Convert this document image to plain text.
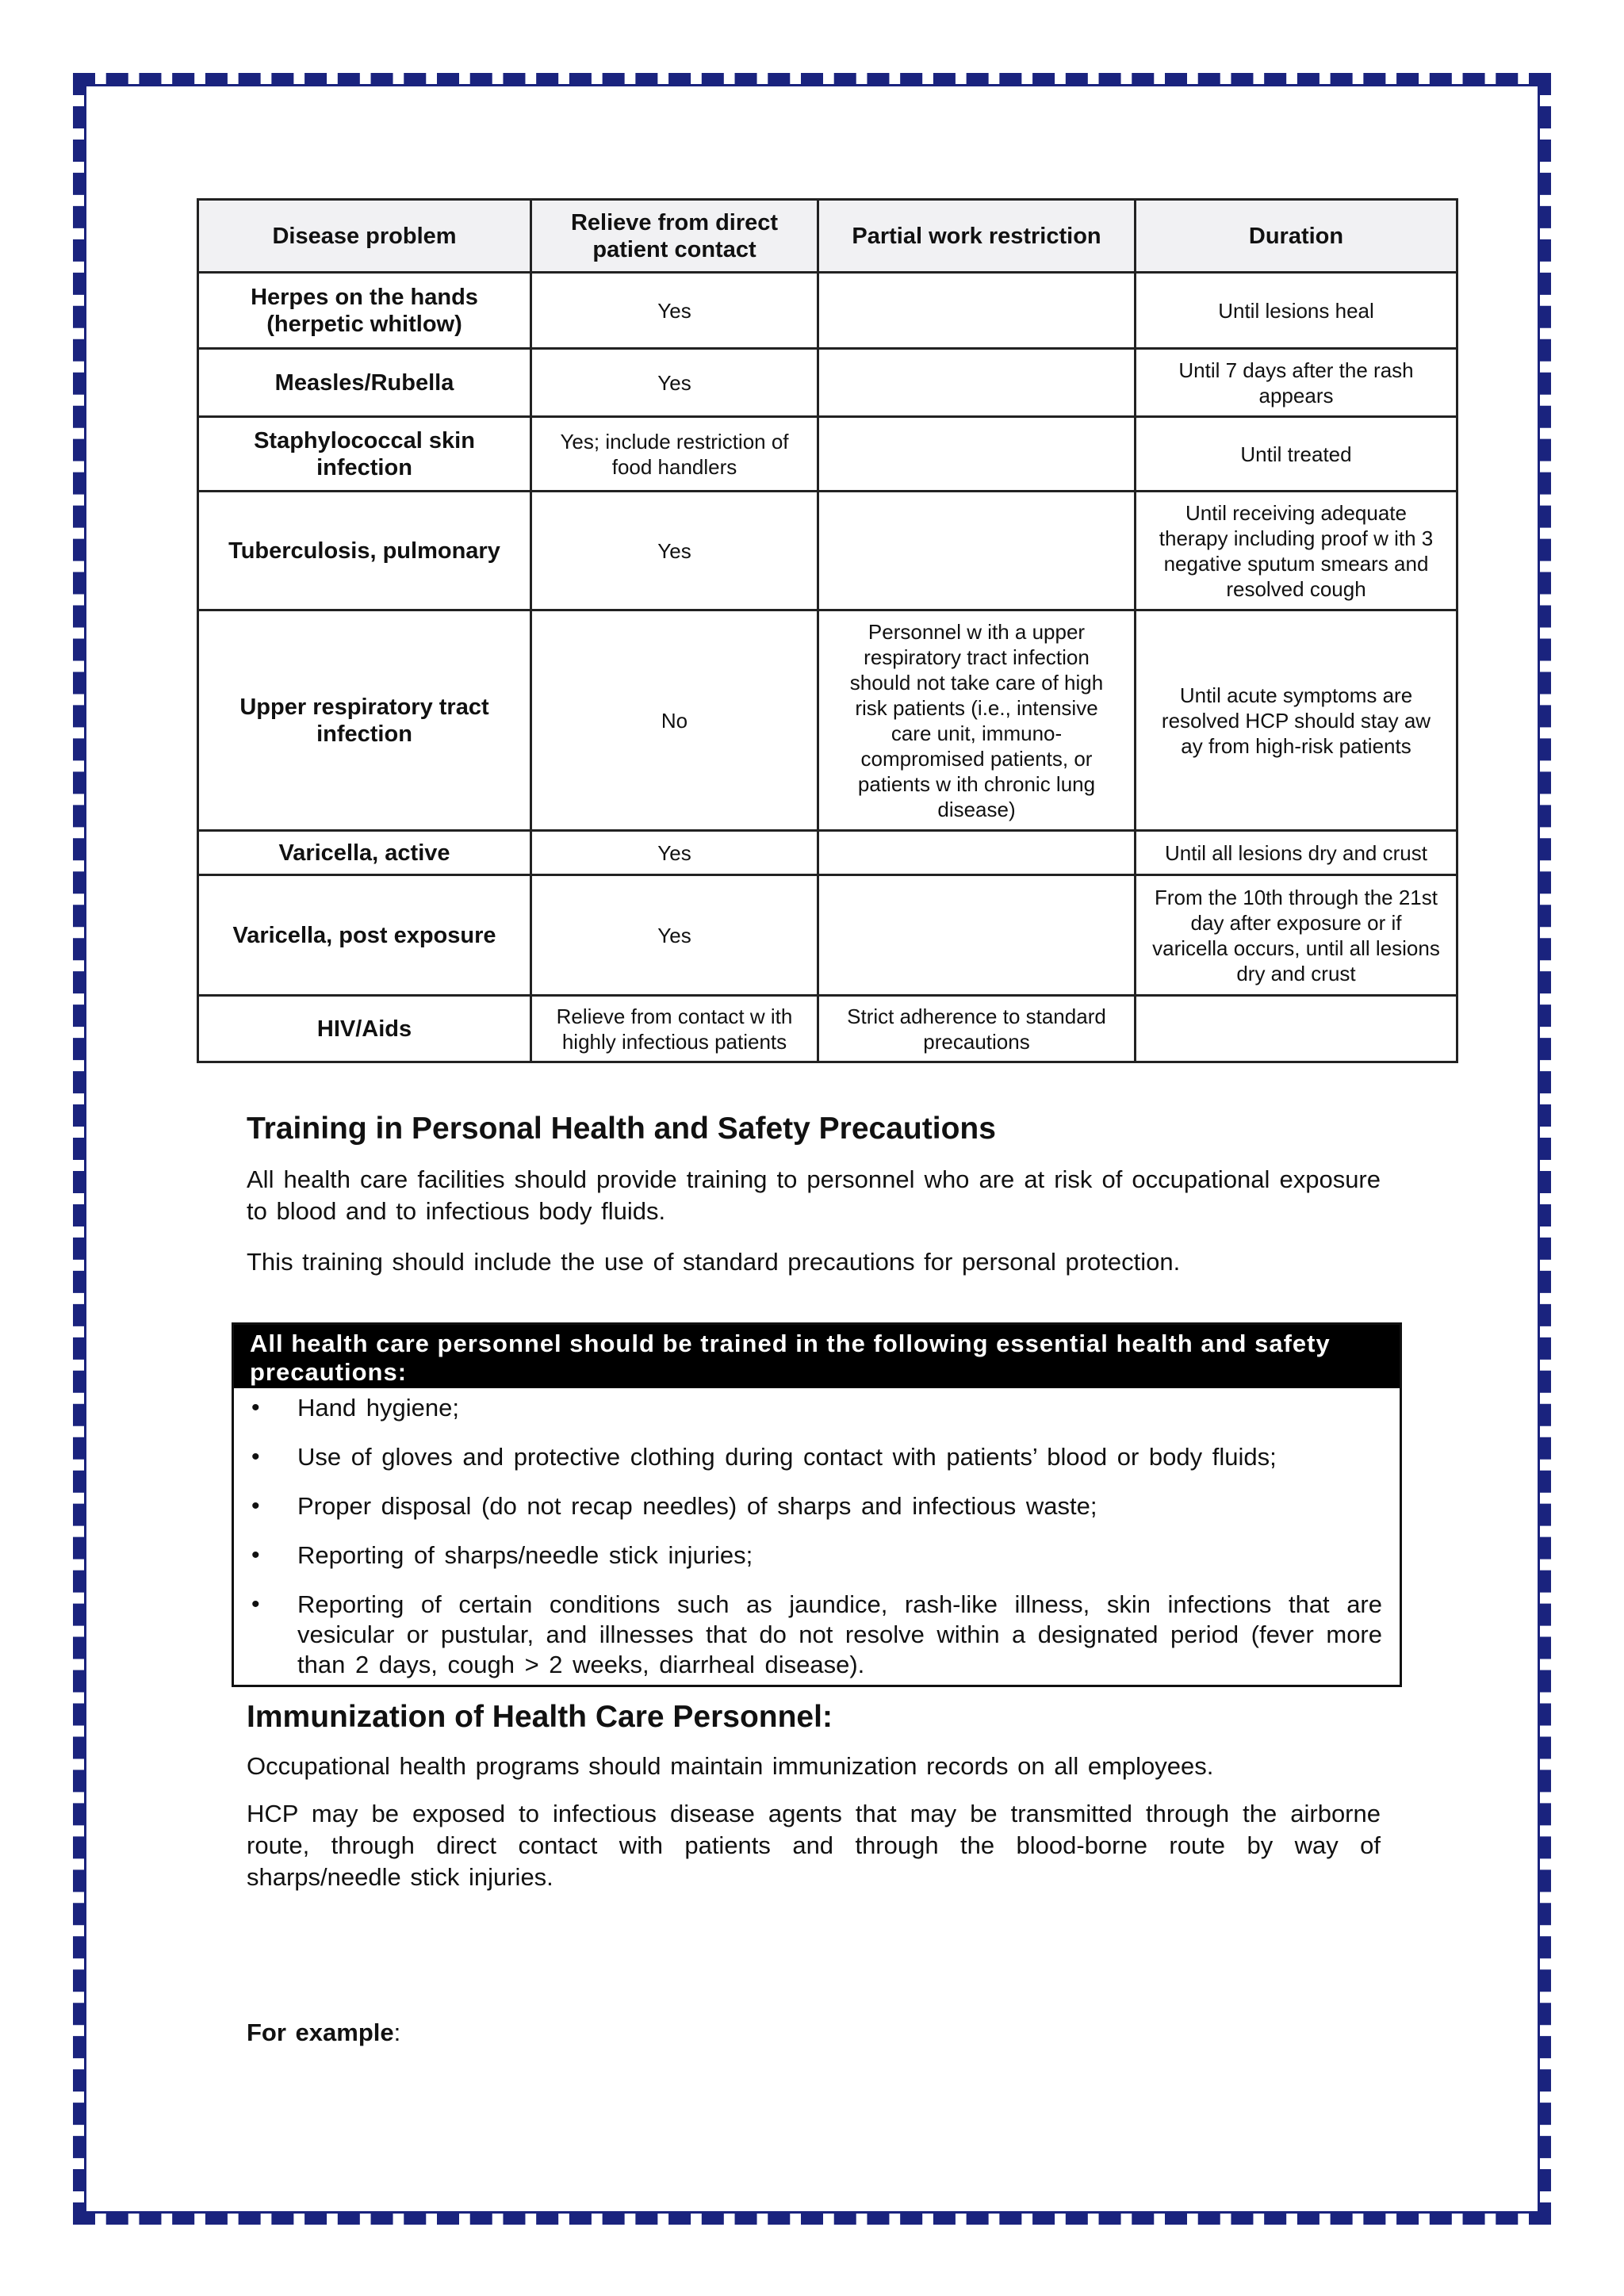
Disease problem	Relieve from direct patient contact	Partial work restriction	Duration
Herpes on the hands (herpetic whitlow)	Yes		Until lesions heal
Measles/Rubella	Yes		Until 7 days after the rash appears
Staphylococcal skin infection	Yes; include restriction of food handlers		Until treated
Tuberculosis, pulmonary	Yes		Until receiving adequate therapy including proof w ith 3 negative sputum smears and resolved cough
Upper respiratory tract infection	No	Personnel w ith a upper respiratory tract infection should not take care of high risk patients (i.e., intensive care unit, immuno-compromised patients, or patients w ith chronic lung disease)	Until acute symptoms are resolved HCP should stay aw ay from high-risk patients
Varicella, active	Yes		Until all lesions dry and crust
Varicella, post exposure	Yes		From the 10th through the 21st day after exposure or if varicella occurs, until all lesions dry and crust
HIV/Aids	Relieve from contact w ith highly infectious patients	Strict adherence to standard precautions	
Training in Personal Health and Safety Precautions
All health care facilities should provide training to personnel who are at risk of occupational exposure to blood and to infectious body fluids.
This training should include the use of standard precautions for personal protection.
All health care personnel should be trained in the following essential health and safety precautions:
• Hand hygiene;
• Use of gloves and protective clothing during contact with patients’ blood or body fluids;
• Proper disposal (do not recap needles) of sharps and infectious waste;
• Reporting of sharps/needle stick injuries;
• Reporting of certain conditions such as jaundice, rash-like illness, skin infections that are vesicular or pustular, and illnesses that do not resolve within a designated period (fever more than 2 days, cough > 2 weeks, diarrheal disease).
Immunization of Health Care Personnel:
Occupational health programs should maintain immunization records on all employees.
HCP may be exposed to infectious disease agents that may be transmitted through the airborne route, through direct contact with patients and through the blood-borne route by way of sharps/needle stick injuries.
For example:
